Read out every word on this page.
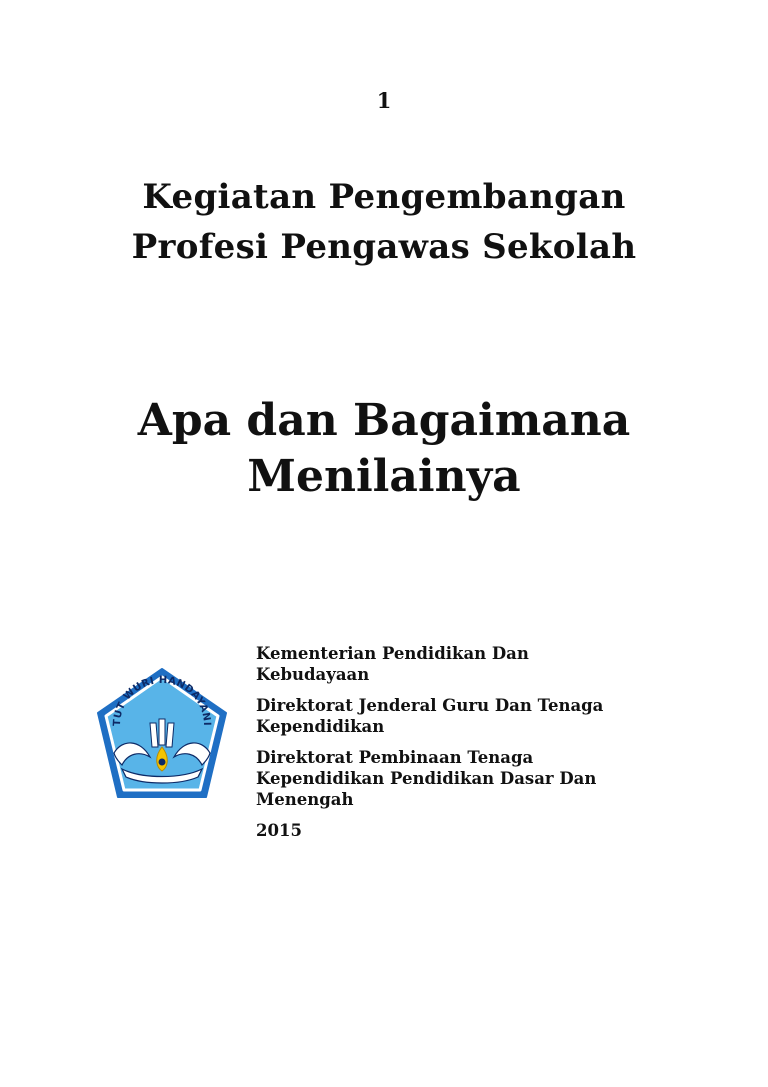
1
Kegiatan Pengembangan
Profesi Pengawas Sekolah
Apa dan Bagaimana
Menilainya
TUT WURI HANDAYANI
Kementerian Pendidikan Dan
Kebudayaan
Direktorat Jenderal Guru Dan Tenaga
Kependidikan
Direktorat Pembinaan Tenaga
Kependidikan Pendidikan Dasar Dan
Menengah
2015
